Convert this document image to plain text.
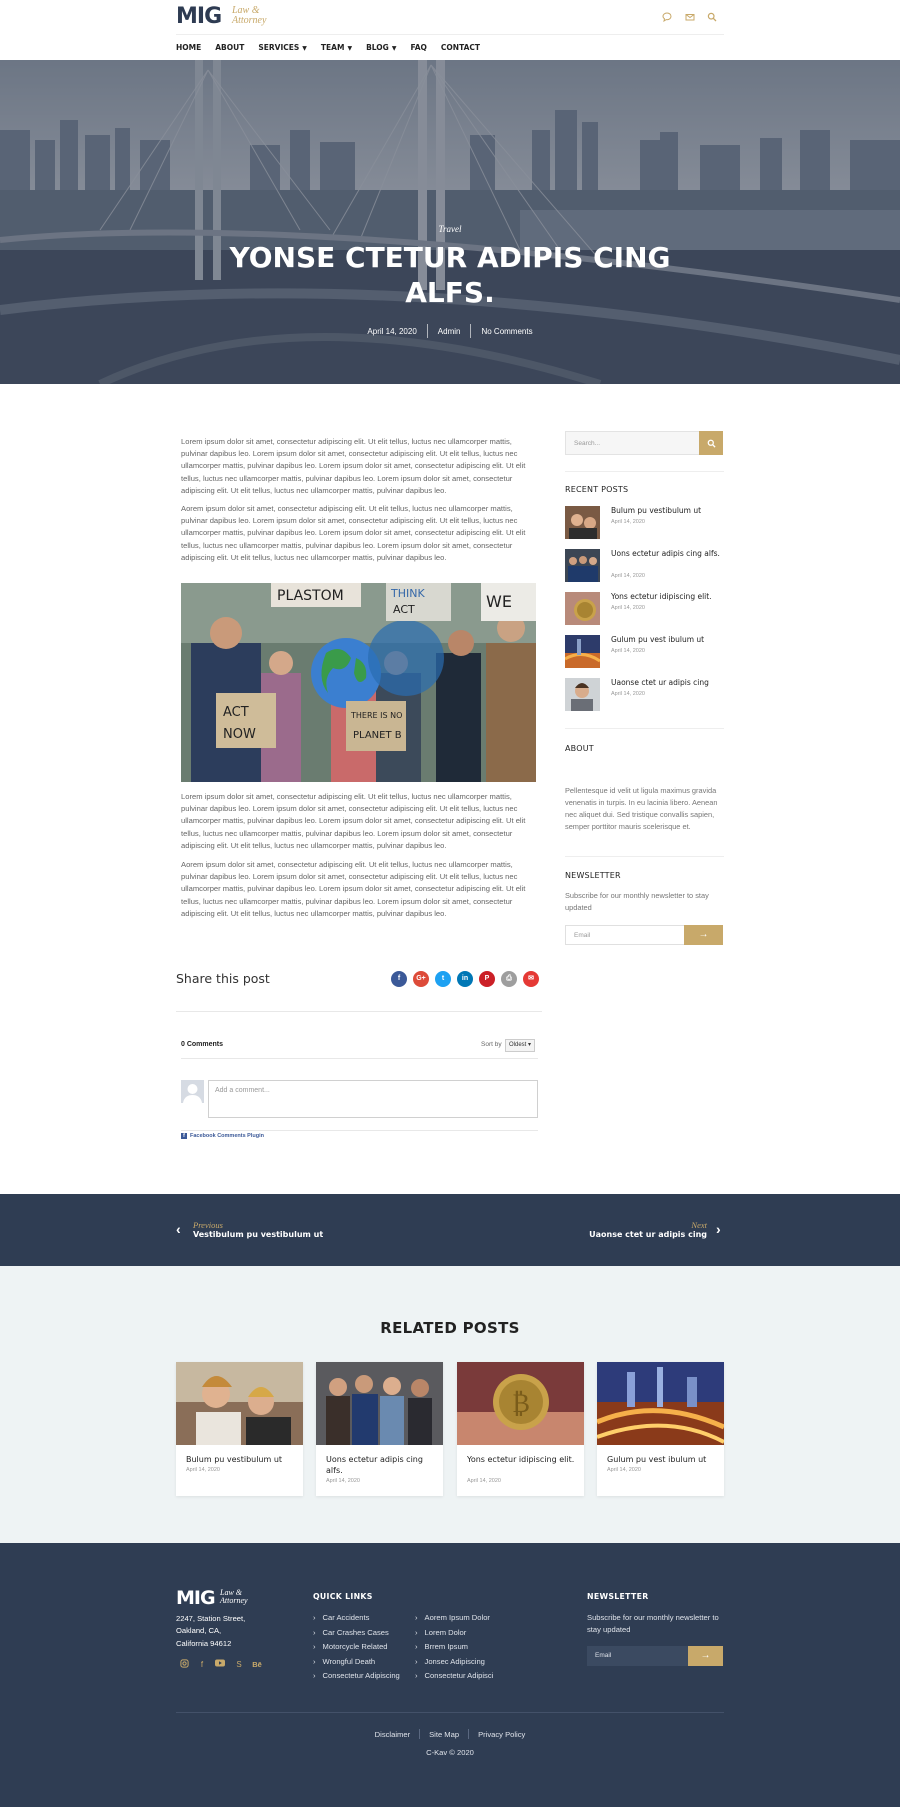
MIG Law &
Attorney
HOME ABOUT SERVICES ▼ TEAM ▼ BLOG ▼ FAQ CONTACT
Travel
YONSE CTETUR ADIPIS CING ALFS.
April 14, 2020	Admin	No Comments
Lorem ipsum dolor sit amet, consectetur adipiscing elit. Ut elit tellus, luctus nec ullamcorper mattis, pulvinar dapibus leo. Lorem ipsum dolor sit amet, consectetur adipiscing elit. Ut elit tellus, luctus nec ullamcorper mattis, pulvinar dapibus leo. Lorem ipsum dolor sit amet, consectetur adipiscing elit. Ut elit tellus, luctus nec ullamcorper mattis, pulvinar dapibus leo. Lorem ipsum dolor sit amet, consectetur adipiscing elit. Ut elit tellus, luctus nec ullamcorper mattis, pulvinar dapibus leo.
Aorem ipsum dolor sit amet, consectetur adipiscing elit. Ut elit tellus, luctus nec ullamcorper mattis, pulvinar dapibus leo. Lorem ipsum dolor sit amet, consectetur adipiscing elit. Ut elit tellus, luctus nec ullamcorper mattis, pulvinar dapibus leo. Lorem ipsum dolor sit amet, consectetur adipiscing elit. Ut elit tellus, luctus nec ullamcorper mattis, pulvinar dapibus leo. Lorem ipsum dolor sit amet, consectetur adipiscing elit. Ut elit tellus, luctus nec ullamcorper mattis, pulvinar dapibus leo.
PLASTOM	THINK
ACT	WE
ACT
NOW
THERE IS NO
PLANET B
Lorem ipsum dolor sit amet, consectetur adipiscing elit. Ut elit tellus, luctus nec ullamcorper mattis, pulvinar dapibus leo. Lorem ipsum dolor sit amet, consectetur adipiscing elit. Ut elit tellus, luctus nec ullamcorper mattis, pulvinar dapibus leo. Lorem ipsum dolor sit amet, consectetur adipiscing elit. Ut elit tellus, luctus nec ullamcorper mattis, pulvinar dapibus leo. Lorem ipsum dolor sit amet, consectetur adipiscing elit. Ut elit tellus, luctus nec ullamcorper mattis, pulvinar dapibus leo.
Aorem ipsum dolor sit amet, consectetur adipiscing elit. Ut elit tellus, luctus nec ullamcorper mattis, pulvinar dapibus leo. Lorem ipsum dolor sit amet, consectetur adipiscing elit. Ut elit tellus, luctus nec ullamcorper mattis, pulvinar dapibus leo. Lorem ipsum dolor sit amet, consectetur adipiscing elit. Ut elit tellus, luctus nec ullamcorper mattis, pulvinar dapibus leo. Lorem ipsum dolor sit amet, consectetur adipiscing elit. Ut elit tellus, luctus nec ullamcorper mattis, pulvinar dapibus leo.
Share this post	f	G+	t	in	P	⎙	✉
0 Comments	Sort by	Oldest ▾
Add a comment...
f Facebook Comments Plugin
Search...
RECENT POSTS
Bulum pu vestibulum ut
April 14, 2020
Uons ectetur adipis cing alfs.
April 14, 2020
Yons ectetur idipiscing elit.
April 14, 2020
Gulum pu vest ibulum ut
April 14, 2020
Uaonse ctet ur adipis cing
April 14, 2020
ABOUT
Pellentesque id velit ut ligula maximus gravida venenatis in turpis. In eu lacinia libero. Aenean nec aliquet dui. Sed tristique convallis sapien, semper porttitor mauris scelerisque et.
NEWSLETTER
Subscribe for our monthly newsletter to stay updated
Email	→
‹ Previous
Vestibulum pu vestibulum ut
Next
Uaonse ctet ur adipis cing ›
RELATED POSTS
Bulum pu vestibulum ut
April 14, 2020
Uons ectetur adipis cing alfs.
April 14, 2020
₿
Yons ectetur idipiscing elit.
April 14, 2020
Gulum pu vest ibulum ut
April 14, 2020
MIG Law &
Attorney
2247, Station Street,
Oakland, CA,
California 94612
f	S	Bē
QUICK LINKS
› Car Accidents
› Car Crashes Cases
› Motorcycle Related
› Wrongful Death
› Consectetur Adipiscing
› Aorem Ipsum Dolor
› Lorem Dolor
› Brrem Ipsum
› Jonsec Adipiscing
› Consectetur Adipisci
NEWSLETTER
Subscribe for our monthly newsletter to stay updated
Email	→
Disclaimer	Site Map	Privacy Policy
C-Kav © 2020
